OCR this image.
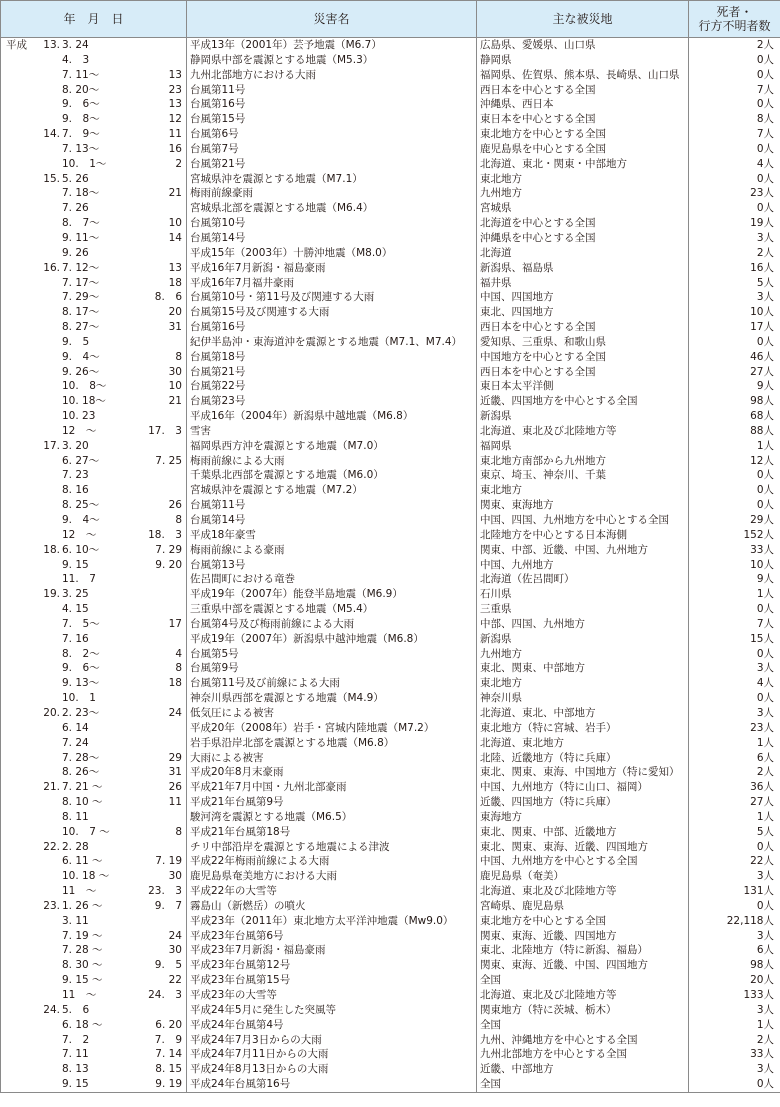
年　月　日	災害名	主な被災地	死者・
行方不明者数

平成 13. 3. 24	平成13年（2001年）芸予地震（M6.7）	広島県、愛媛県、山口県	2人

4.　3	静岡県中部を震源とする地震（M5.3）	静岡県	0人

7. 11～ 13	九州北部地方における大雨	福岡県、佐賀県、熊本県、長崎県、山口県	0人

8. 20～ 23	台風第11号	西日本を中心とする全国	7人

9.　6～ 13	台風第16号	沖縄県、西日本	0人

9.　8～ 12	台風第15号	東日本を中心とする全国	8人

14. 7.　9～ 11	台風第6号	東北地方を中心とする全国	7人

7. 13～ 16	台風第7号	鹿児島県を中心とする全国	0人

10.　1～ 2	台風第21号	北海道、東北・関東・中部地方	4人

15. 5. 26	宮城県沖を震源とする地震（M7.1）	東北地方	0人

7. 18～ 21	梅雨前線豪雨	九州地方	23人

7. 26	宮城県北部を震源とする地震（M6.4）	宮城県	0人

8.　7～ 10	台風第10号	北海道を中心とする全国	19人

9. 11～ 14	台風第14号	沖縄県を中心とする全国	3人

9. 26	平成15年（2003年）十勝沖地震（M8.0）	北海道	2人

16. 7. 12～ 13	平成16年7月新潟・福島豪雨	新潟県、福島県	16人

7. 17～ 18	平成16年7月福井豪雨	福井県	5人

7. 29～ 8.　6	台風第10号・第11号及び関連する大雨	中国、四国地方	3人

8. 17～ 20	台風第15号及び関連する大雨	東北、四国地方	10人

8. 27～ 31	台風第16号	西日本を中心とする全国	17人

9.　5	紀伊半島沖・東海道沖を震源とする地震（M7.1、M7.4）	愛知県、三重県、和歌山県	0人

9.　4～ 8	台風第18号	中国地方を中心とする全国	46人

9. 26～ 30	台風第21号	西日本を中心とする全国	27人

10.　8～ 10	台風第22号	東日本太平洋側	9人

10. 18～ 21	台風第23号	近畿、四国地方を中心とする全国	98人

10. 23	平成16年（2004年）新潟県中越地震（M6.8）	新潟県	68人

12　～ 17.　3	雪害	北海道、東北及び北陸地方等	88人

17. 3. 20	福岡県西方沖を震源とする地震（M7.0）	福岡県	1人

6. 27～ 7. 25	梅雨前線による大雨	東北地方南部から九州地方	12人

7. 23	千葉県北西部を震源とする地震（M6.0）	東京、埼玉、神奈川、千葉	0人

8. 16	宮城県沖を震源とする地震（M7.2）	東北地方	0人

8. 25～ 26	台風第11号	関東、東海地方	0人

9.　4～ 8	台風第14号	中国、四国、九州地方を中心とする全国	29人

12　～ 18.　3	平成18年豪雪	北陸地方を中心とする日本海側	152人

18. 6. 10～ 7. 29	梅雨前線による豪雨	関東、中部、近畿、中国、九州地方	33人

9. 15 9. 20	台風第13号	中国、九州地方	10人

11.　7	佐呂間町における竜巻	北海道（佐呂間町）	9人

19. 3. 25	平成19年（2007年）能登半島地震（M6.9）	石川県	1人

4. 15	三重県中部を震源とする地震（M5.4）	三重県	0人

7.　5～ 17	台風第4号及び梅雨前線による大雨	中部、四国、九州地方	7人

7. 16	平成19年（2007年）新潟県中越沖地震（M6.8）	新潟県	15人

8.　2～ 4	台風第5号	九州地方	0人

9.　6～ 8	台風第9号	東北、関東、中部地方	3人

9. 13～ 18	台風第11号及び前線による大雨	東北地方	4人

10.　1	神奈川県西部を震源とする地震（M4.9）	神奈川県	0人

20. 2. 23～ 24	低気圧による被害	北海道、東北、中部地方	3人

6. 14	平成20年（2008年）岩手・宮城内陸地震（M7.2）	東北地方（特に宮城、岩手）	23人

7. 24	岩手県沿岸北部を震源とする地震（M6.8）	北海道、東北地方	1人

7. 28～ 29	大雨による被害	北陸、近畿地方（特に兵庫）	6人

8. 26～ 31	平成20年8月末豪雨	東北、関東、東海、中国地方（特に愛知）	2人

21. 7. 21 ～ 26	平成21年7月中国・九州北部豪雨	中国、九州地方（特に山口、福岡）	36人

8. 10 ～ 11	平成21年台風第9号	近畿、四国地方（特に兵庫）	27人

8. 11	駿河湾を震源とする地震（M6.5）	東海地方	1人

10.　7 ～ 8	平成21年台風第18号	東北、関東、中部、近畿地方	5人

22. 2. 28	チリ中部沿岸を震源とする地震による津波	東北、関東、東海、近畿、四国地方	0人

6. 11 ～ 7. 19	平成22年梅雨前線による大雨	中国、九州地方を中心とする全国	22人

10. 18 ～ 30	鹿児島県奄美地方における大雨	鹿児島県（奄美）	3人

11　～ 23.　3	平成22年の大雪等	北海道、東北及び北陸地方等	131人

23. 1. 26 ～ 9.　7	霧島山（新燃岳）の噴火	宮崎県、鹿児島県	0人

3. 11	平成23年（2011年）東北地方太平洋沖地震（Mw9.0）	東北地方を中心とする全国	22,118人

7. 19 ～ 24	平成23年台風第6号	関東、東海、近畿、四国地方	3人

7. 28 ～ 30	平成23年7月新潟・福島豪雨	東北、北陸地方（特に新潟、福島）	6人

8. 30 ～ 9.　5	平成23年台風第12号	関東、東海、近畿、中国、四国地方	98人

9. 15 ～ 22	平成23年台風第15号	全国	20人

11　～ 24.　3	平成23年の大雪等	北海道、東北及び北陸地方等	133人

24. 5.　6	平成24年5月に発生した突風等	関東地方（特に茨城、栃木）	3人

6. 18 ～ 6. 20	平成24年台風第4号	全国	1人

7.　2 7.　9	平成24年7月3日からの大雨	九州、沖縄地方を中心とする全国	2人

7. 11 7. 14	平成24年7月11日からの大雨	九州北部地方を中心とする全国	33人

8. 13 8. 15	平成24年8月13日からの大雨	近畿、中部地方	3人

9. 15 9. 19	平成24年台風第16号	全国	0人
